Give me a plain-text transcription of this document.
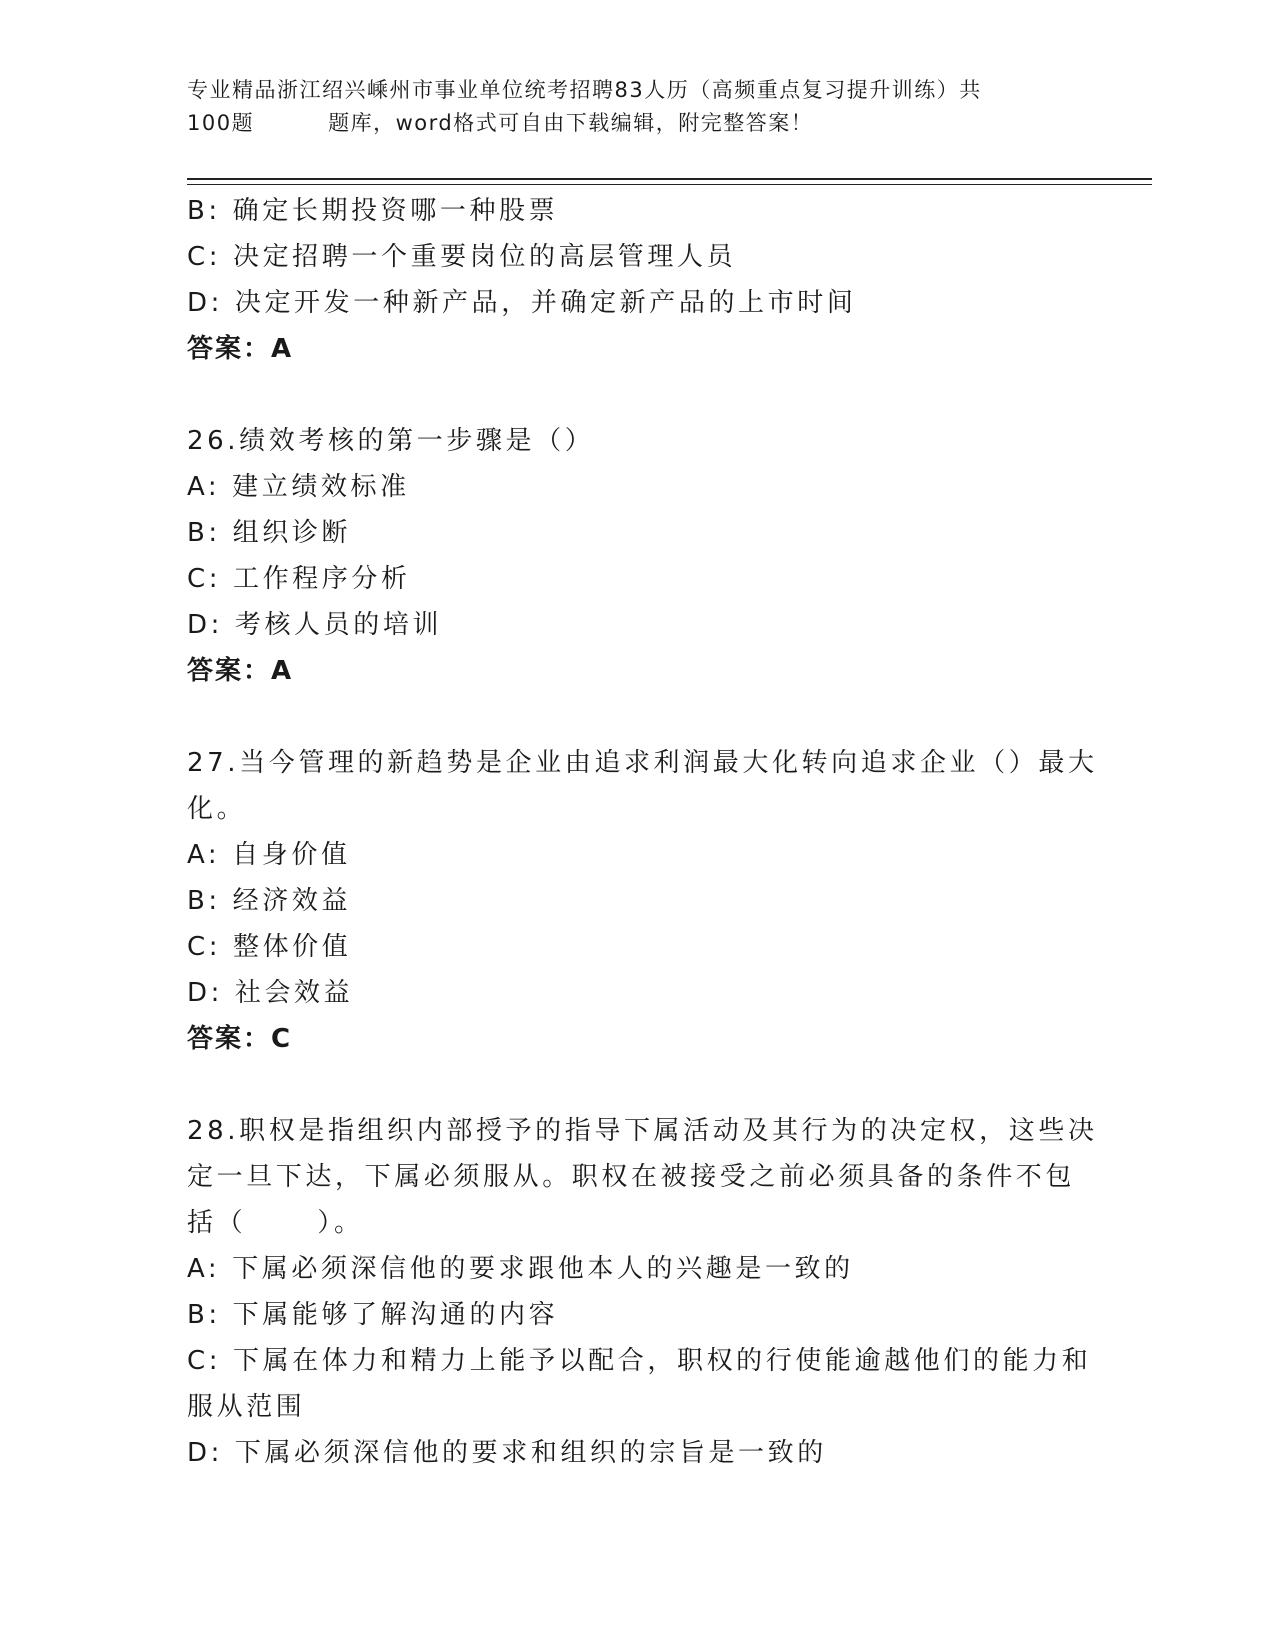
专业精品浙江绍兴嵊州市事业单位统考招聘83人历（高频重点复习提升训练）共
100题	题库，word格式可自由下载编辑，附完整答案！
B: 确定长期投资哪一种股票
C: 决定招聘一个重要岗位的高层管理人员
D: 决定开发一种新产品，并确定新产品的上市时间
答案：A
26.绩效考核的第一步骤是（）
A: 建立绩效标准
B: 组织诊断
C: 工作程序分析
D: 考核人员的培训
答案：A
27.当今管理的新趋势是企业由追求利润最大化转向追求企业（）最大
化。
A: 自身价值
B: 经济效益
C: 整体价值
D: 社会效益
答案：C
28.职权是指组织内部授予的指导下属活动及其行为的决定权，这些决
定一旦下达，下属必须服从。职权在被接受之前必须具备的条件不包
括（      ）。
A: 下属必须深信他的要求跟他本人的兴趣是一致的
B: 下属能够了解沟通的内容
C: 下属在体力和精力上能予以配合，职权的行使能逾越他们的能力和
服从范围
D: 下属必须深信他的要求和组织的宗旨是一致的
